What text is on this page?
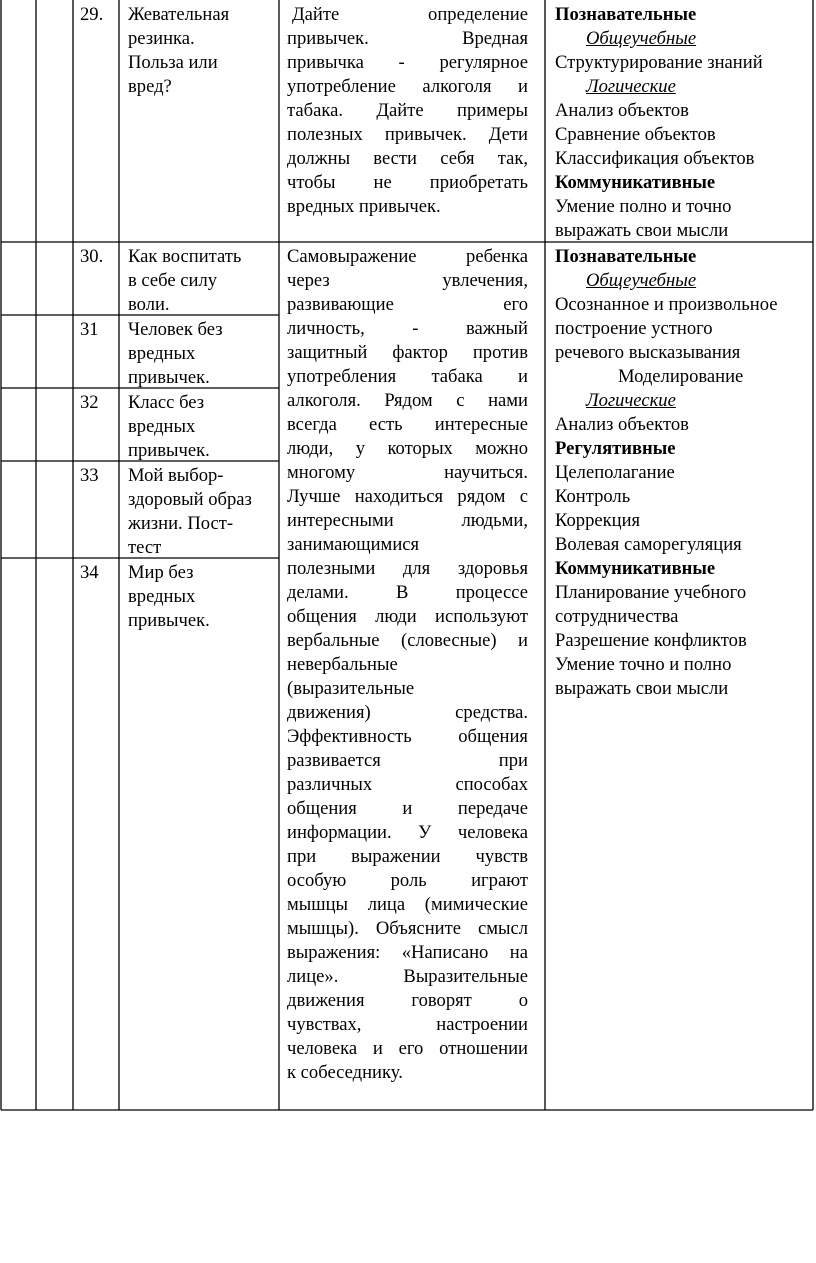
29. Жевательная
резинка.
Польза или
вред?
Дайте определение
привычек. Вредная
привычка - регулярное
употребление алкоголя и
табака. Дайте примеры
полезных привычек. Дети
должны вести себя так,
чтобы не приобретать
вредных привычек.
Познавательные
Общеучебные
Структурирование знаний
Логические
Анализ объектов
Сравнение объектов
Классификация объектов
Коммуникативные
Умение полно и точно
выражать свои мысли
30. Как воспитать
в себе силу
воли.
31 Человек без
вредных
привычек.
32 Класс без
вредных
привычек.
33 Мой выбор-
здоровый образ
жизни. Пост-
тест
34 Мир без
вредных
привычек.
Самовыражение ребенка
через увлечения,
развивающие его
личность, - важный
защитный фактор против
употребления табака и
алкоголя. Рядом с нами
всегда есть интересные
люди, у которых можно
многому научиться.
Лучше находиться рядом с
интересными людьми,
занимающимися
полезными для здоровья
делами. В процессе
общения люди используют
вербальные (словесные) и
невербальные
(выразительные
движения) средства.
Эффективность общения
развивается при
различных способах
общения и передаче
информации. У человека
при выражении чувств
особую роль играют
мышцы лица (мимические
мышцы). Объясните смысл
выражения: «Написано на
лице». Выразительные
движения говорят о
чувствах, настроении
человека и его отношении
к собеседнику.
Познавательные
Общеучебные
Осознанное и произвольное
построение устного
речевого высказывания
Моделирование
Логические
Анализ объектов
Регулятивные
Целеполагание
Контроль
Коррекция
Волевая саморегуляция
Коммуникативные
Планирование учебного
сотрудничества
Разрешение конфликтов
Умение точно и полно
выражать свои мысли
